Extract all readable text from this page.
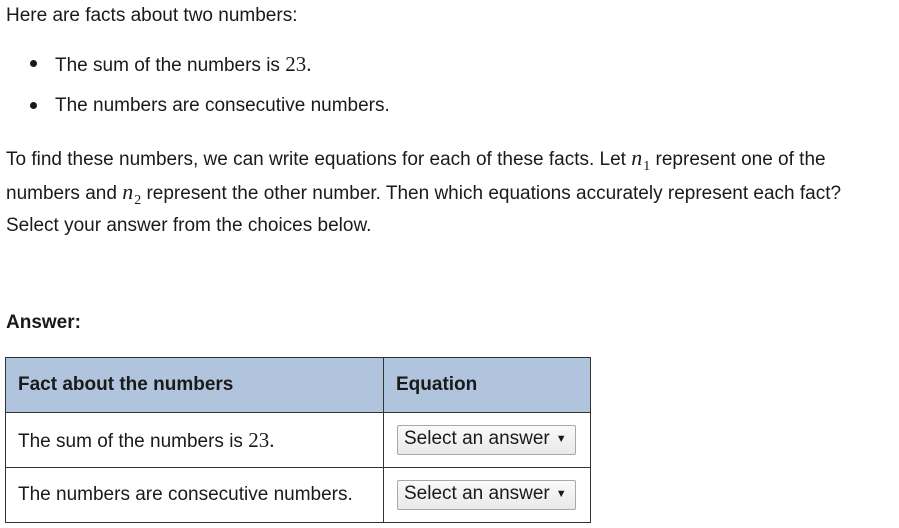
Here are facts about two numbers:

The sum of the numbers is 23.
The numbers are consecutive numbers.

To find these numbers, we can write equations for each of these facts. Let $n_1$ represent one of the numbers and $n_2$ represent the other number. Then which equations accurately represent each fact? Select your answer from the choices below.

Answer:

Fact about the numbers	Equation
The sum of the numbers is 23.	Select an answer ▼
The numbers are consecutive numbers.	Select an answer ▼
